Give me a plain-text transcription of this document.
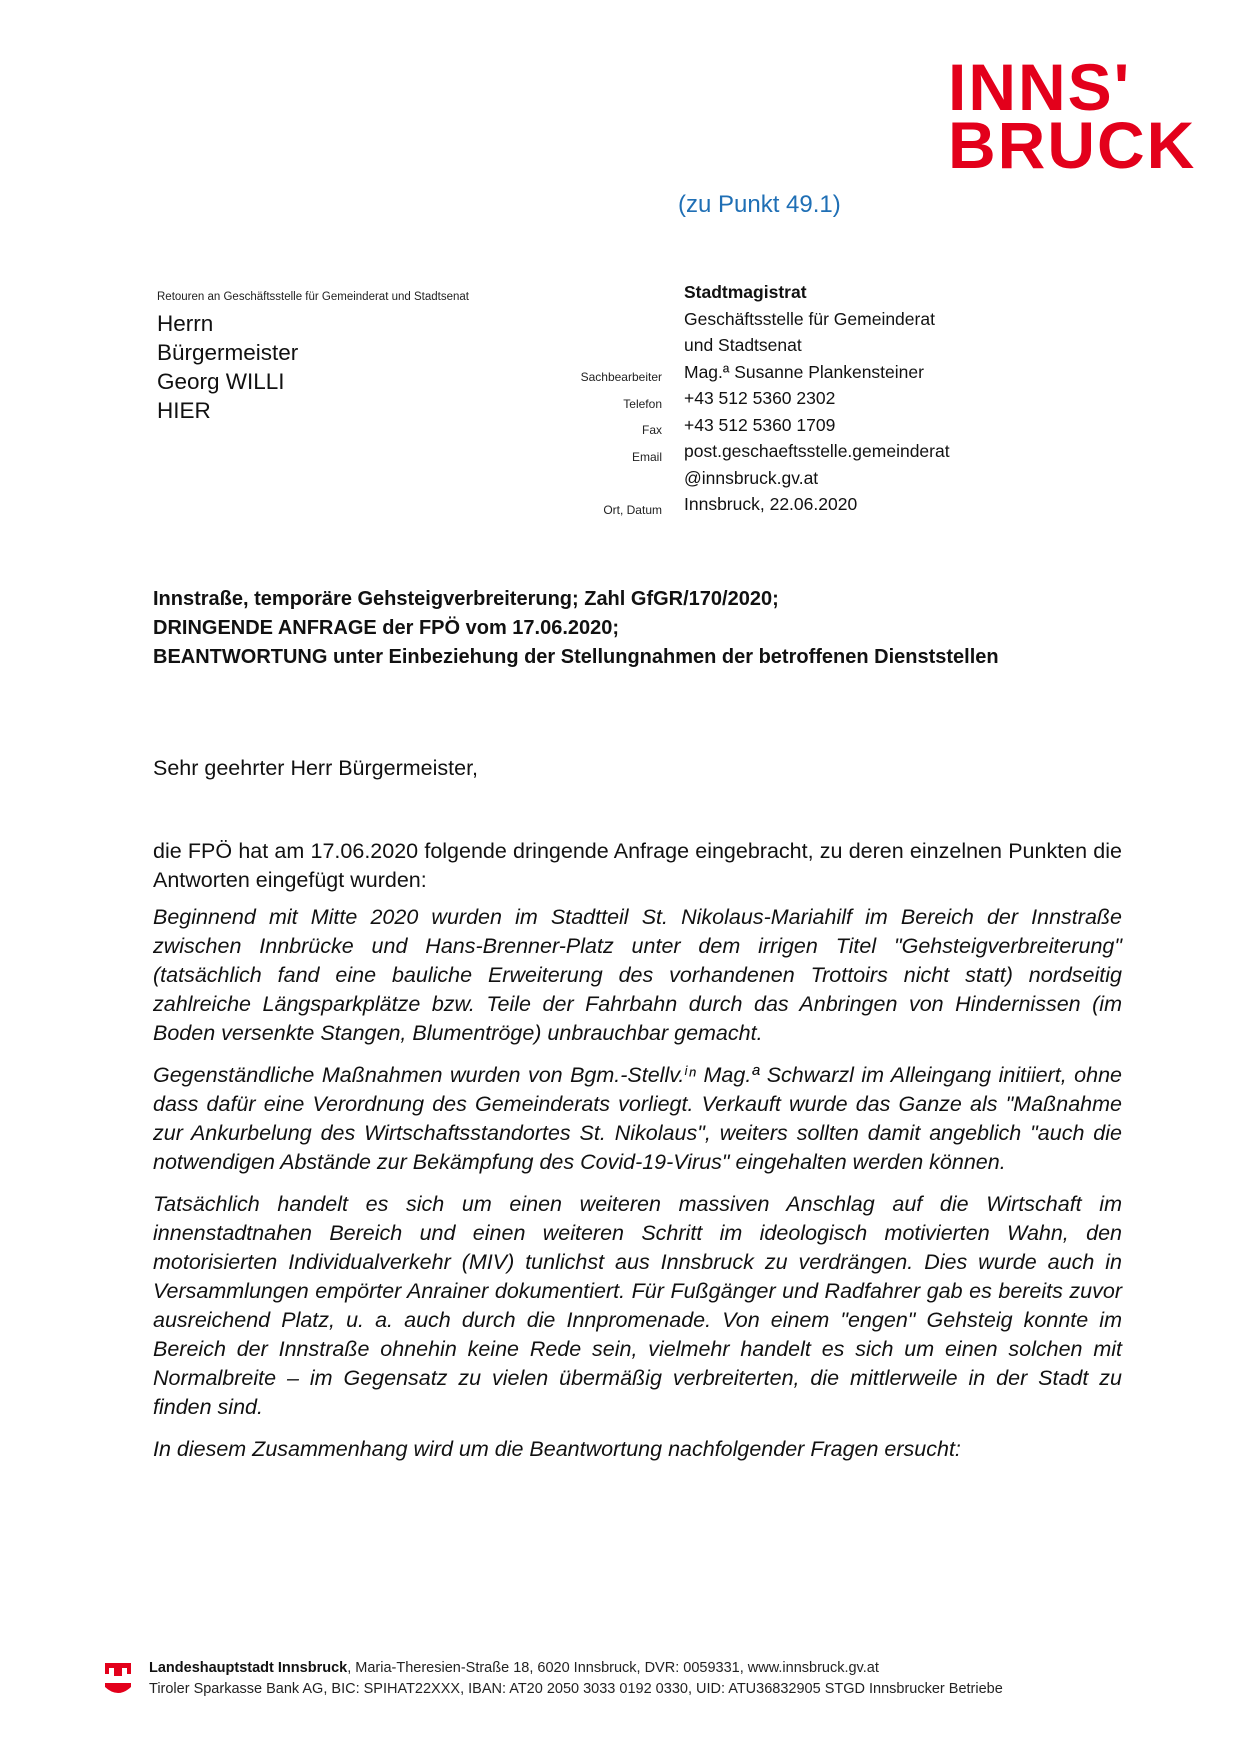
INNS'
BRUCK
(zu Punkt 49.1)
Retouren an Geschäftsstelle für Gemeinderat und Stadtsenat
Herrn
Bürgermeister
Georg WILLI
HIER
Stadtmagistrat
Geschäftsstelle für Gemeinderat
und Stadtsenat
Sachbearbeiter Mag.ª Susanne Plankensteiner
Telefon +43 512 5360 2302
Fax +43 512 5360 1709
Email post.geschaeftsstelle.gemeinderat
@innsbruck.gv.at
Ort, Datum Innsbruck, 22.06.2020
Innstraße, temporäre Gehsteigverbreiterung; Zahl GfGR/170/2020;
DRINGENDE ANFRAGE der FPÖ vom 17.06.2020;
BEANTWORTUNG unter Einbeziehung der Stellungnahmen der betroffenen Dienststellen
Sehr geehrter Herr Bürgermeister,

die FPÖ hat am 17.06.2020 folgende dringende Anfrage eingebracht, zu deren einzelnen Punkten die Antworten eingefügt wurden:

Beginnend mit Mitte 2020 wurden im Stadtteil St. Nikolaus-Mariahilf im Bereich der Innstraße zwischen Innbrücke und Hans-Brenner-Platz unter dem irrigen Titel "Gehsteigverbreiterung" (tatsächlich fand eine bauliche Erweiterung des vorhandenen Trottoirs nicht statt) nordseitig zahlreiche Längsparkplätze bzw. Teile der Fahrbahn durch das Anbringen von Hindernissen (im Boden versenkte Stangen, Blumentröge) unbrauchbar gemacht.

Gegenständliche Maßnahmen wurden von Bgm.-Stellv.ⁱⁿ Mag.ª Schwarzl im Alleingang initiiert, ohne dass dafür eine Verordnung des Gemeinderats vorliegt. Verkauft wurde das Ganze als "Maßnahme zur Ankurbelung des Wirtschaftsstandortes St. Nikolaus", weiters sollten damit angeblich "auch die notwendigen Abstände zur Bekämpfung des Covid-19-Virus" eingehalten werden können.

Tatsächlich handelt es sich um einen weiteren massiven Anschlag auf die Wirtschaft im innenstadtnahen Bereich und einen weiteren Schritt im ideologisch motivierten Wahn, den motorisierten Individualverkehr (MIV) tunlichst aus Innsbruck zu verdrängen. Dies wurde auch in Versammlungen empörter Anrainer dokumentiert. Für Fußgänger und Radfahrer gab es bereits zuvor ausreichend Platz, u. a. auch durch die Innpromenade. Von einem "engen" Gehsteig konnte im Bereich der Innstraße ohnehin keine Rede sein, vielmehr handelt es sich um einen solchen mit Normalbreite – im Gegensatz zu vielen übermäßig verbreiterten, die mittlerweile in der Stadt zu finden sind.

In diesem Zusammenhang wird um die Beantwortung nachfolgender Fragen ersucht:

Landeshauptstadt Innsbruck, Maria-Theresien-Straße 18, 6020 Innsbruck, DVR: 0059331, www.innsbruck.gv.at
Tiroler Sparkasse Bank AG, BIC: SPIHAT22XXX, IBAN: AT20 2050 3033 0192 0330, UID: ATU36832905 STGD Innsbrucker Betriebe
